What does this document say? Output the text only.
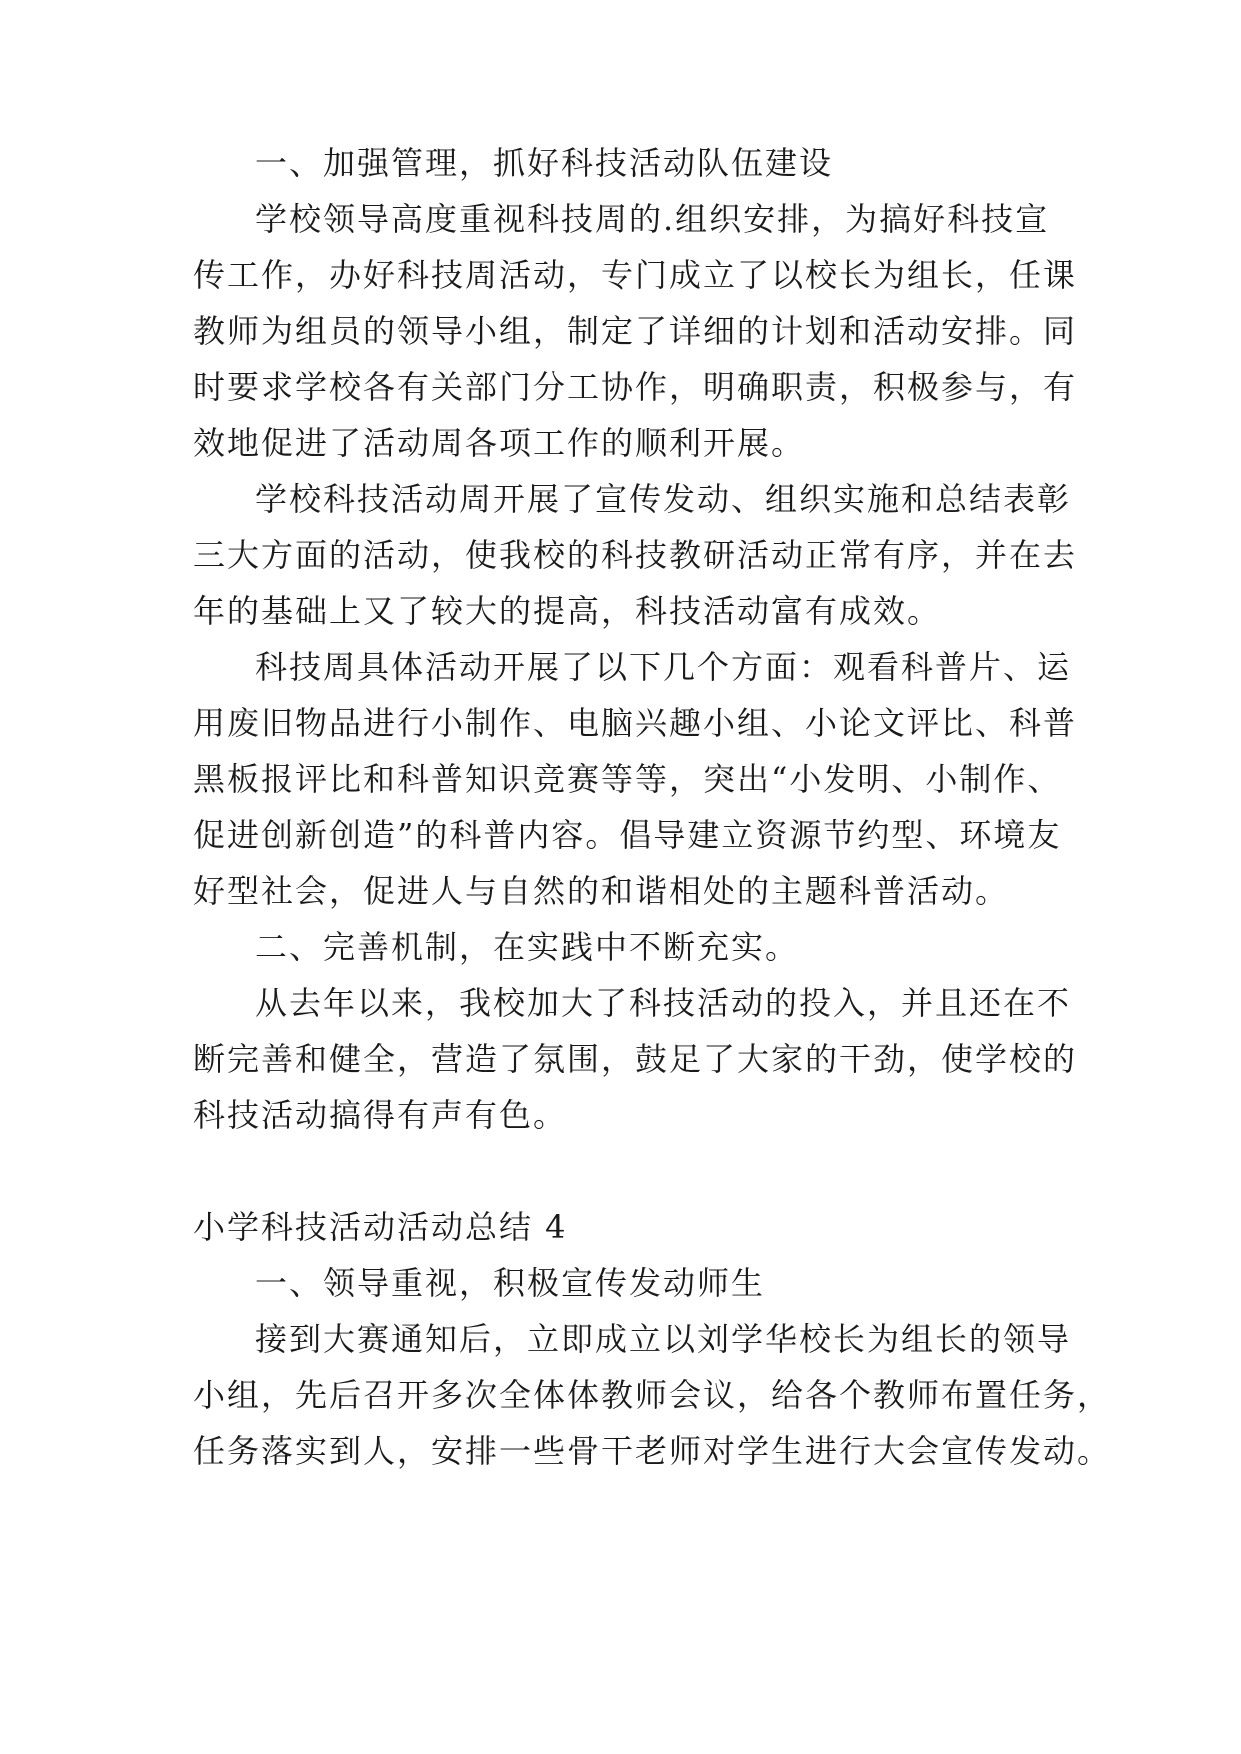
一、加强管理，抓好科技活动队伍建设
学校领导高度重视科技周的.组织安排，为搞好科技宣
传工作，办好科技周活动，专门成立了以校长为组长，任课
教师为组员的领导小组，制定了详细的计划和活动安排。同
时要求学校各有关部门分工协作，明确职责，积极参与，有
效地促进了活动周各项工作的顺利开展。
学校科技活动周开展了宣传发动、组织实施和总结表彰
三大方面的活动，使我校的科技教研活动正常有序，并在去
年的基础上又了较大的提高，科技活动富有成效。
科技周具体活动开展了以下几个方面：观看科普片、运
用废旧物品进行小制作、电脑兴趣小组、小论文评比、科普
黑板报评比和科普知识竞赛等等，突出“小发明、小制作、
促进创新创造”的科普内容。倡导建立资源节约型、环境友
好型社会，促进人与自然的和谐相处的主题科普活动。
二、完善机制，在实践中不断充实。
从去年以来，我校加大了科技活动的投入，并且还在不
断完善和健全，营造了氛围，鼓足了大家的干劲，使学校的
科技活动搞得有声有色。
小学科技活动活动总结 4
一、领导重视，积极宣传发动师生
接到大赛通知后，立即成立以刘学华校长为组长的领导
小组，先后召开多次全体体教师会议，给各个教师布置任务，
任务落实到人，安排一些骨干老师对学生进行大会宣传发动。
